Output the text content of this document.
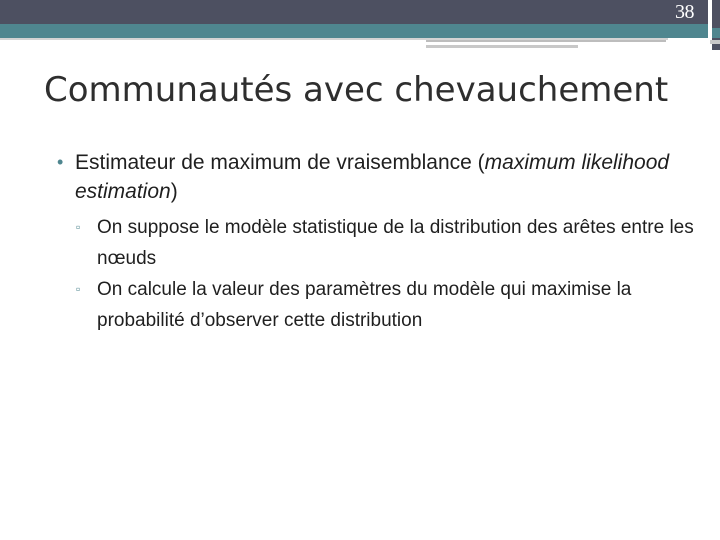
38
Communautés avec chevauchement
• Estimateur de maximum de vraisemblance (maximum likelihood estimation)
▫ On suppose le modèle statistique de la distribution des arêtes entre les nœuds
▫ On calcule la valeur des paramètres du modèle qui maximise la probabilité d’observer cette distribution
